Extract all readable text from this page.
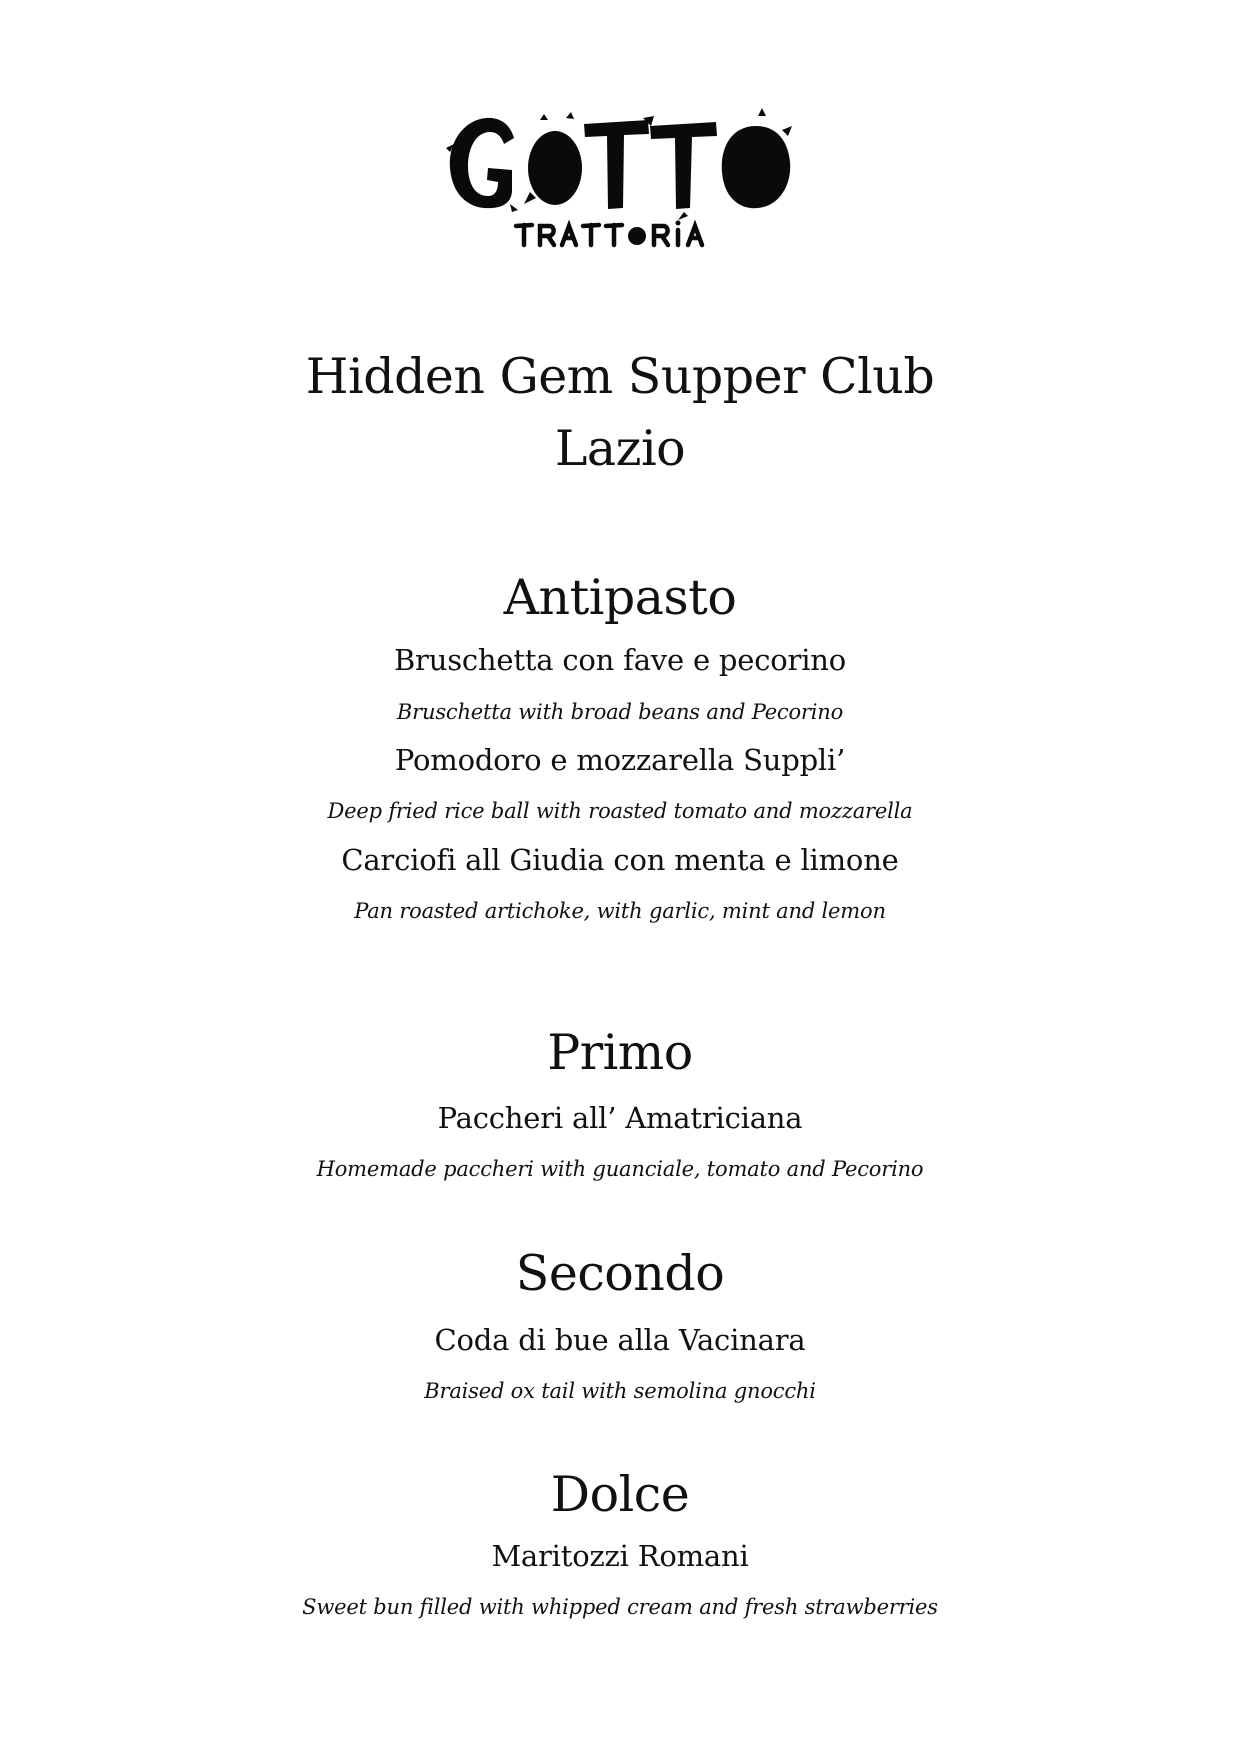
Hidden Gem Supper Club
Lazio
Antipasto
Bruschetta con fave e pecorino
Bruschetta with broad beans and Pecorino
Pomodoro e mozzarella Suppli’
Deep fried rice ball with roasted tomato and mozzarella
Carciofi all Giudia con menta e limone
Pan roasted artichoke, with garlic, mint and lemon
Primo
Paccheri all’ Amatriciana
Homemade paccheri with guanciale, tomato and Pecorino
Secondo
Coda di bue alla Vacinara
Braised ox tail with semolina gnocchi
Dolce
Maritozzi Romani
Sweet bun filled with whipped cream and fresh strawberries
